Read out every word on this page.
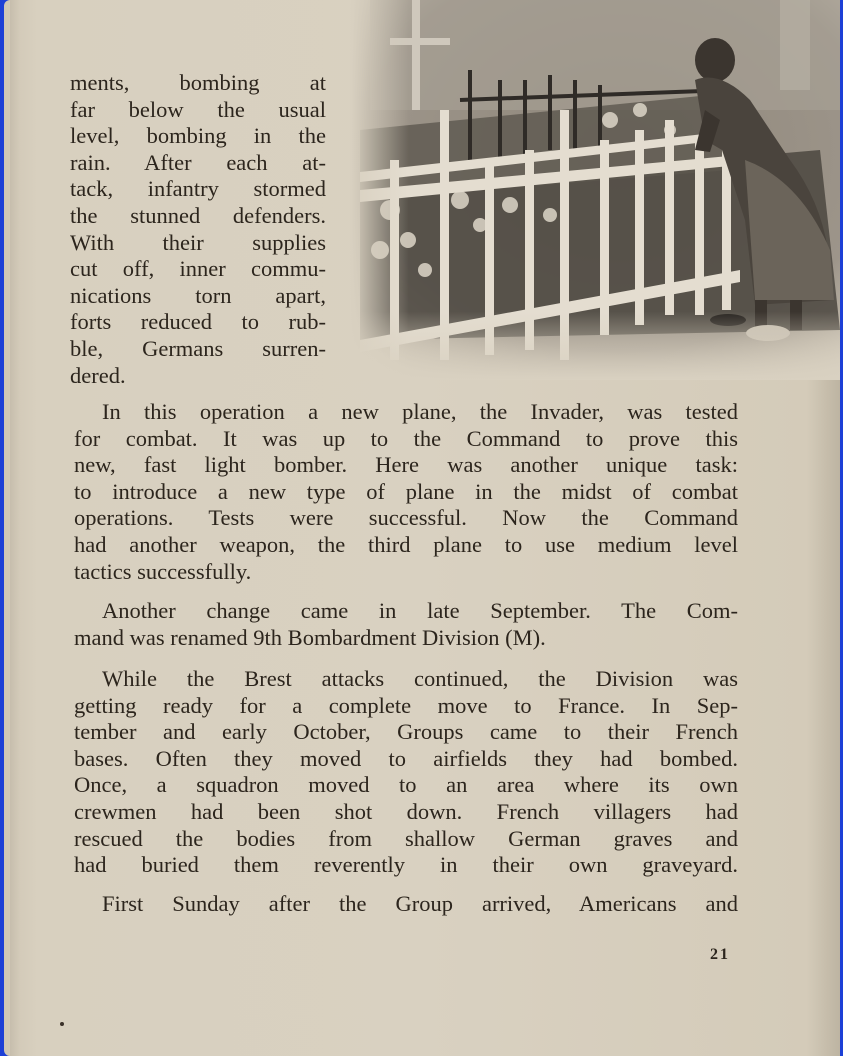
ments, bombing at
far below the usual
level, bombing in the
rain. After each at-
tack, infantry stormed
the stunned defenders.
With their supplies
cut off, inner commu-
nications torn apart,
forts reduced to rub-
ble, Germans surren-
dered.
In this operation a new plane, the Invader, was tested
for combat. It was up to the Command to prove this
new, fast light bomber. Here was another unique task:
to introduce a new type of plane in the midst of combat
operations. Tests were successful. Now the Command
had another weapon, the third plane to use medium level
tactics successfully.
Another change came in late September. The Com-
mand was renamed 9th Bombardment Division (M).
While the Brest attacks continued, the Division was
getting ready for a complete move to France. In Sep-
tember and early October, Groups came to their French
bases. Often they moved to airfields they had bombed.
Once, a squadron moved to an area where its own
crewmen had been shot down. French villagers had
rescued the bodies from shallow German graves and
had buried them reverently in their own graveyard.
First Sunday after the Group arrived, Americans and
21
